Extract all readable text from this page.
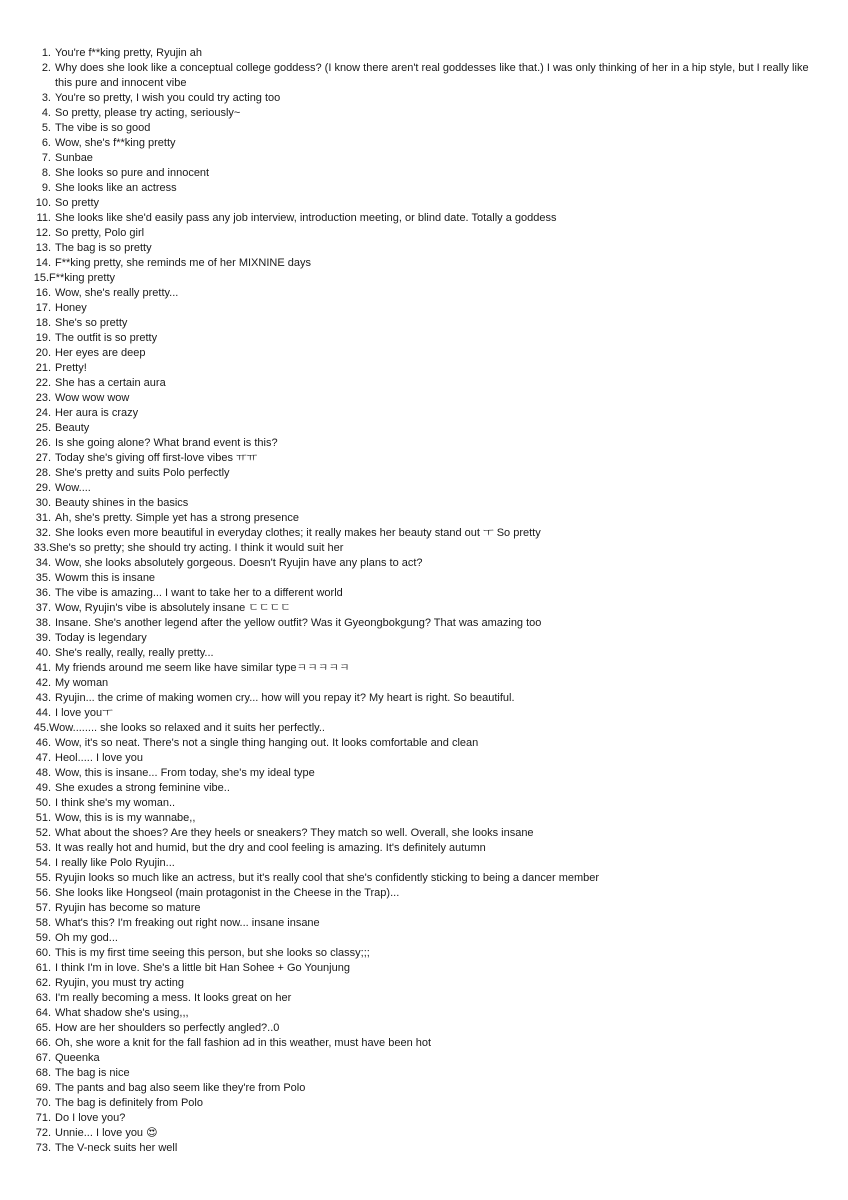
1. You're f**king pretty, Ryujin ah
2. Why does she look like a conceptual college goddess? (I know there aren't real goddesses like that.) I was only thinking of her in a hip style, but I really like this pure and innocent vibe
3. You're so pretty, I wish you could try acting too
4. So pretty, please try acting, seriously~
5. The vibe is so good
6. Wow, she's f**king pretty
7. Sunbae
8. She looks so pure and innocent
9. She looks like an actress
10. So pretty
11. She looks like she'd easily pass any job interview, introduction meeting, or blind date. Totally a goddess
12. So pretty, Polo girl
13. The bag is so pretty
14. F**king pretty, she reminds me of her MIXNINE days
15. F**king pretty
16. Wow, she's really pretty...
17. Honey
18. She's so pretty
19. The outfit is so pretty
20. Her eyes are deep
21. Pretty!
22. She has a certain aura
23. Wow wow wow
24. Her aura is crazy
25. Beauty
26. Is she going alone? What brand event is this?
27. Today she's giving off first-love vibes ㅠㅠ
28. She's pretty and suits Polo perfectly
29. Wow....
30. Beauty shines in the basics
31. Ah, she's pretty. Simple yet has a strong presence
32. She looks even more beautiful in everyday clothes; it really makes her beauty stand out ㅜ So pretty
33. She's so pretty; she should try acting. I think it would suit her
34. Wow, she looks absolutely gorgeous. Doesn't Ryujin have any plans to act?
35. Wowm this is insane
36. The vibe is amazing... I want to take her to a different world
37. Wow, Ryujin's vibe is absolutely insane ㄷㄷㄷㄷ
38. Insane. She's another legend after the yellow outfit? Was it Gyeongbokgung? That was amazing too
39. Today is legendary
40. She's really, really, really pretty...
41. My friends around me seem like have similar typeㅋㅋㅋㅋㅋ
42. My woman
43. Ryujin... the crime of making women cry... how will you repay it? My heart is right. So beautiful.
44. I love youㅜ
45. Wow........ she looks so relaxed and it suits her perfectly..
46. Wow, it's so neat. There's not a single thing hanging out. It looks comfortable and clean
47. Heol..... I love you
48. Wow, this is insane... From today, she's my ideal type
49. She exudes a strong feminine vibe..
50. I think she's my woman..
51. Wow, this is is my wannabe,,
52. What about the shoes? Are they heels or sneakers? They match so well. Overall, she looks insane
53. It was really hot and humid, but the dry and cool feeling is amazing. It's definitely autumn
54. I really like Polo Ryujin...
55. Ryujin looks so much like an actress, but it's really cool that she's confidently sticking to being a dancer member
56. She looks like Hongseol (main protagonist in the Cheese in the Trap)...
57. Ryujin has become so mature
58. What's this? I'm freaking out right now... insane insane
59. Oh my god...
60. This is my first time seeing this person, but she looks so classy;;;
61. I think I'm in love. She's a little bit Han Sohee + Go Younjung
62. Ryujin, you must try acting
63. I'm really becoming a mess. It looks great on her
64. What shadow she's using,,,
65. How are her shoulders so perfectly angled?..0
66. Oh, she wore a knit for the fall fashion ad in this weather, must have been hot
67. Queenka
68. The bag is nice
69. The pants and bag also seem like they're from Polo
70. The bag is definitely from Polo
71. Do I love you?
72. Unnie... I love you 😍
73. The V-neck suits her well
